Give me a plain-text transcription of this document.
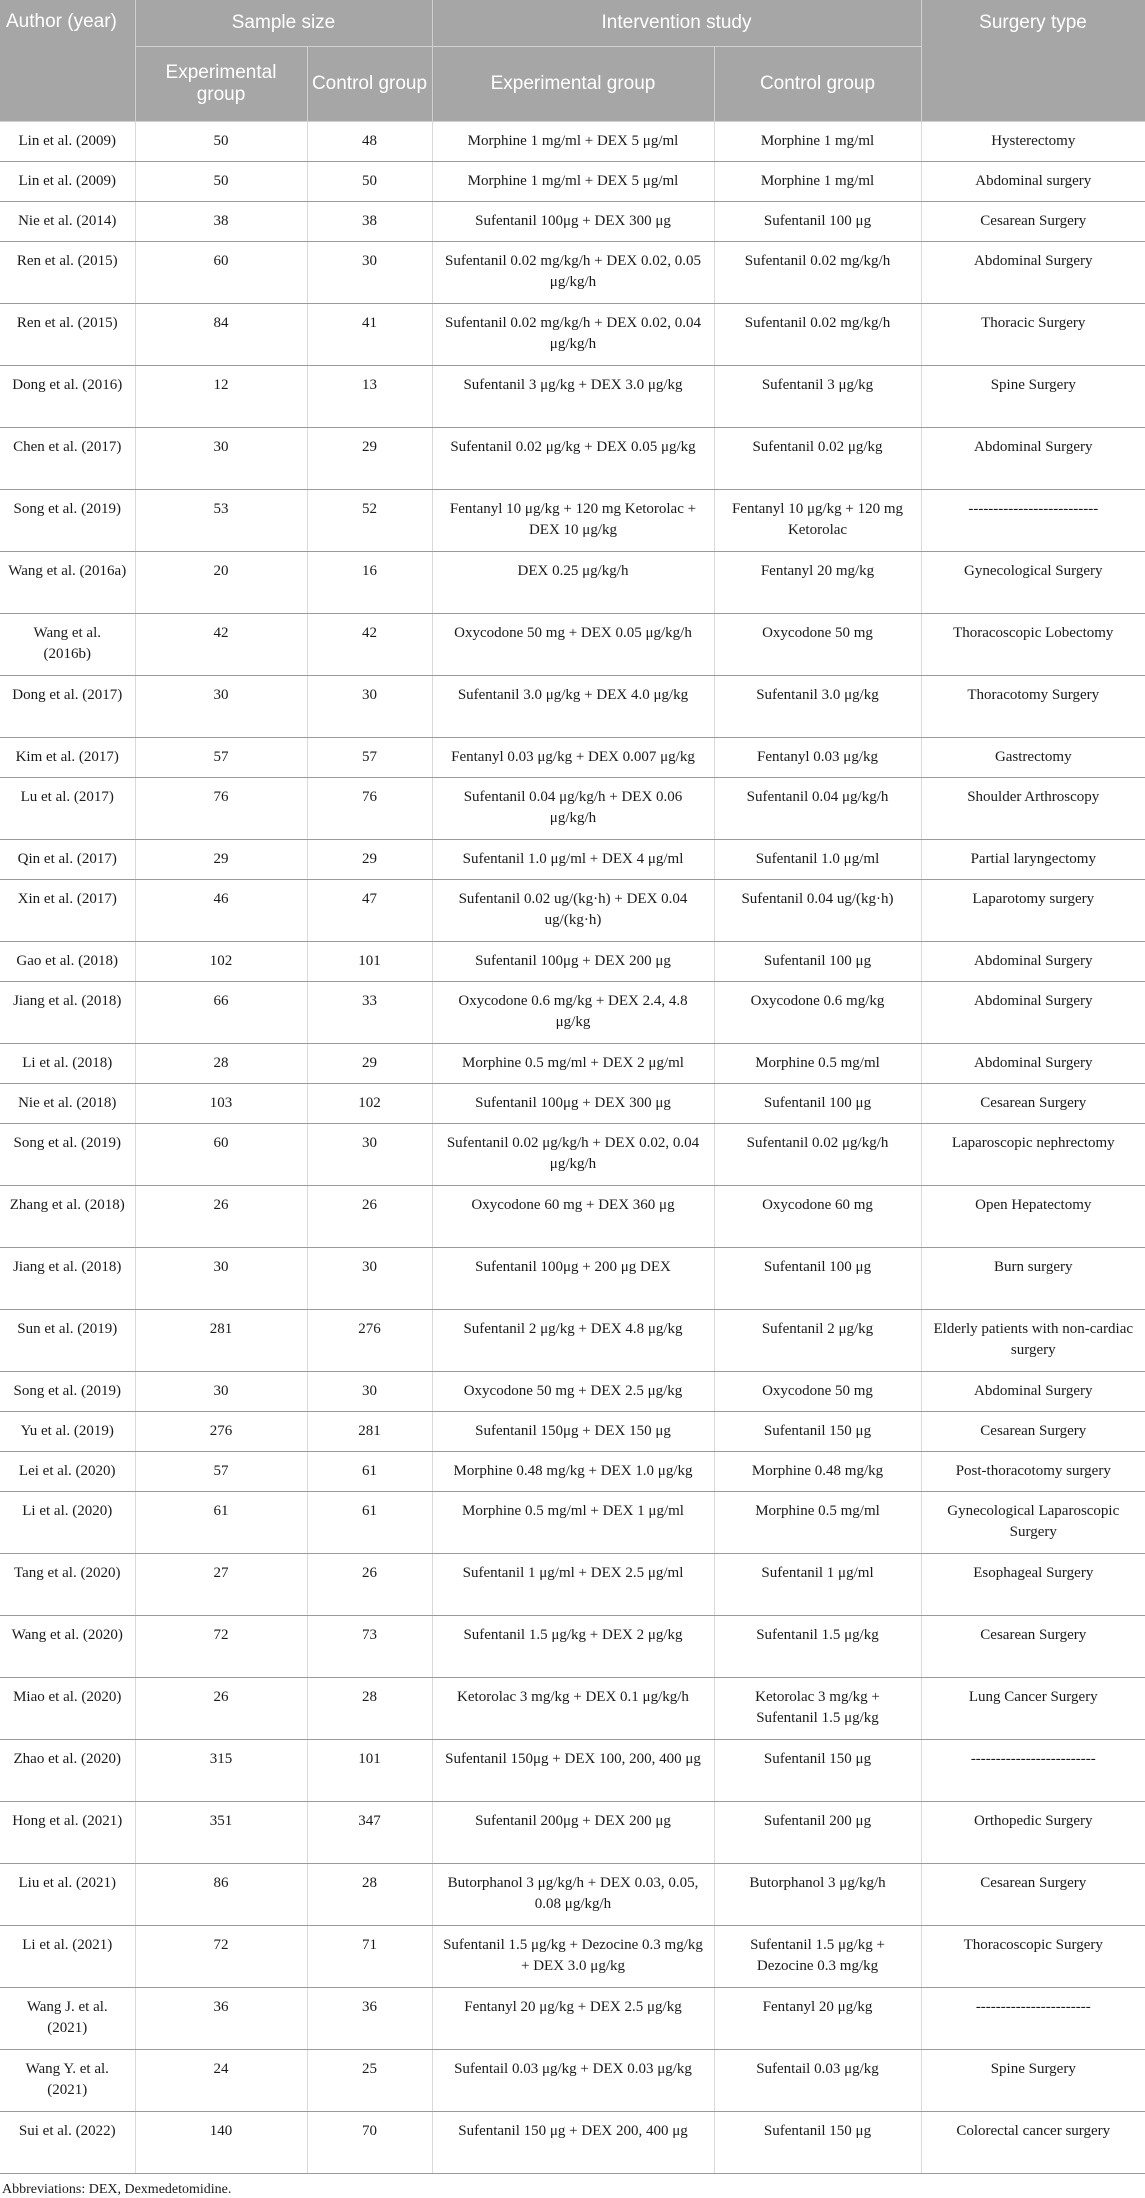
Author (year)	Sample size		Intervention study		Surgery type
	Experimental group	Control group	Experimental group	Control group	
Lin et al. (2009)	50	48	Morphine 1 mg/ml + DEX 5 μg/ml	Morphine 1 mg/ml	Hysterectomy
Lin et al. (2009)	50	50	Morphine 1 mg/ml + DEX 5 μg/ml	Morphine 1 mg/ml	Abdominal surgery
Nie et al. (2014)	38	38	Sufentanil 100μg + DEX 300 μg	Sufentanil 100 μg	Cesarean Surgery
Ren et al. (2015)	60	30	Sufentanil 0.02 mg/kg/h + DEX 0.02, 0.05 μg/kg/h	Sufentanil 0.02 mg/kg/h	Abdominal Surgery
Ren et al. (2015)	84	41	Sufentanil 0.02 mg/kg/h + DEX 0.02, 0.04 μg/kg/h	Sufentanil 0.02 mg/kg/h	Thoracic Surgery
Dong et al. (2016)	12	13	Sufentanil 3 μg/kg + DEX 3.0 μg/kg	Sufentanil 3 μg/kg	Spine Surgery
Chen et al. (2017)	30	29	Sufentanil 0.02 μg/kg + DEX 0.05 μg/kg	Sufentanil 0.02 μg/kg	Abdominal Surgery
Song et al. (2019)	53	52	Fentanyl 10 μg/kg + 120 mg Ketorolac + DEX 10 μg/kg	Fentanyl 10 μg/kg + 120 mg Ketorolac	--------------------------
Wang et al. (2016a)	20	16	DEX 0.25 μg/kg/h	Fentanyl 20 mg/kg	Gynecological Surgery
Wang et al. (2016b)	42	42	Oxycodone 50 mg + DEX 0.05 μg/kg/h	Oxycodone 50 mg	Thoracoscopic Lobectomy
Dong et al. (2017)	30	30	Sufentanil 3.0 μg/kg + DEX 4.0 μg/kg	Sufentanil 3.0 μg/kg	Thoracotomy Surgery
Kim et al. (2017)	57	57	Fentanyl 0.03 μg/kg + DEX 0.007 μg/kg	Fentanyl 0.03 μg/kg	Gastrectomy
Lu et al. (2017)	76	76	Sufentanil 0.04 μg/kg/h + DEX 0.06 μg/kg/h	Sufentanil 0.04 μg/kg/h	Shoulder Arthroscopy
Qin et al. (2017)	29	29	Sufentanil 1.0 μg/ml + DEX 4 μg/ml	Sufentanil 1.0 μg/ml	Partial laryngectomy
Xin et al. (2017)	46	47	Sufentanil 0.02 ug/(kg·h) + DEX 0.04 ug/(kg·h)	Sufentanil 0.04 ug/(kg·h)	Laparotomy surgery
Gao et al. (2018)	102	101	Sufentanil 100μg + DEX 200 μg	Sufentanil 100 μg	Abdominal Surgery
Jiang et al. (2018)	66	33	Oxycodone 0.6 mg/kg + DEX 2.4, 4.8 μg/kg	Oxycodone 0.6 mg/kg	Abdominal Surgery
Li et al. (2018)	28	29	Morphine 0.5 mg/ml + DEX 2 μg/ml	Morphine 0.5 mg/ml	Abdominal Surgery
Nie et al. (2018)	103	102	Sufentanil 100μg + DEX 300 μg	Sufentanil 100 μg	Cesarean Surgery
Song et al. (2019)	60	30	Sufentanil 0.02 μg/kg/h + DEX 0.02, 0.04 μg/kg/h	Sufentanil 0.02 μg/kg/h	Laparoscopic nephrectomy
Zhang et al. (2018)	26	26	Oxycodone 60 mg + DEX 360 μg	Oxycodone 60 mg	Open Hepatectomy
Jiang et al. (2018)	30	30	Sufentanil 100μg + 200 μg DEX	Sufentanil 100 μg	Burn surgery
Sun et al. (2019)	281	276	Sufentanil 2 μg/kg + DEX 4.8 μg/kg	Sufentanil 2 μg/kg	Elderly patients with non-cardiac surgery
Song et al. (2019)	30	30	Oxycodone 50 mg + DEX 2.5 μg/kg	Oxycodone 50 mg	Abdominal Surgery
Yu et al. (2019)	276	281	Sufentanil 150μg + DEX 150 μg	Sufentanil 150 μg	Cesarean Surgery
Lei et al. (2020)	57	61	Morphine 0.48 mg/kg + DEX 1.0 μg/kg	Morphine 0.48 mg/kg	Post-thoracotomy surgery
Li et al. (2020)	61	61	Morphine 0.5 mg/ml + DEX 1 μg/ml	Morphine 0.5 mg/ml	Gynecological Laparoscopic Surgery
Tang et al. (2020)	27	26	Sufentanil 1 μg/ml + DEX 2.5 μg/ml	Sufentanil 1 μg/ml	Esophageal Surgery
Wang et al. (2020)	72	73	Sufentanil 1.5 μg/kg + DEX 2 μg/kg	Sufentanil 1.5 μg/kg	Cesarean Surgery
Miao et al. (2020)	26	28	Ketorolac 3 mg/kg + DEX 0.1 μg/kg/h	Ketorolac 3 mg/kg + Sufentanil 1.5 μg/kg	Lung Cancer Surgery
Zhao et al. (2020)	315	101	Sufentanil 150μg + DEX 100, 200, 400 μg	Sufentanil 150 μg	-------------------------
Hong et al. (2021)	351	347	Sufentanil 200μg + DEX 200 μg	Sufentanil 200 μg	Orthopedic Surgery
Liu et al. (2021)	86	28	Butorphanol 3 μg/kg/h + DEX 0.03, 0.05, 0.08 μg/kg/h	Butorphanol 3 μg/kg/h	Cesarean Surgery
Li et al. (2021)	72	71	Sufentanil 1.5 μg/kg + Dezocine 0.3 mg/kg + DEX 3.0 μg/kg	Sufentanil 1.5 μg/kg + Dezocine 0.3 mg/kg	Thoracoscopic Surgery
Wang J. et al. (2021)	36	36	Fentanyl 20 μg/kg + DEX 2.5 μg/kg	Fentanyl 20 μg/kg	-----------------------
Wang Y. et al. (2021)	24	25	Sufentail 0.03 μg/kg + DEX 0.03 μg/kg	Sufentail 0.03 μg/kg	Spine Surgery
Sui et al. (2022)	140	70	Sufentanil 150 μg + DEX 200, 400 μg	Sufentanil 150 μg	Colorectal cancer surgery
Abbreviations: DEX, Dexmedetomidine.
